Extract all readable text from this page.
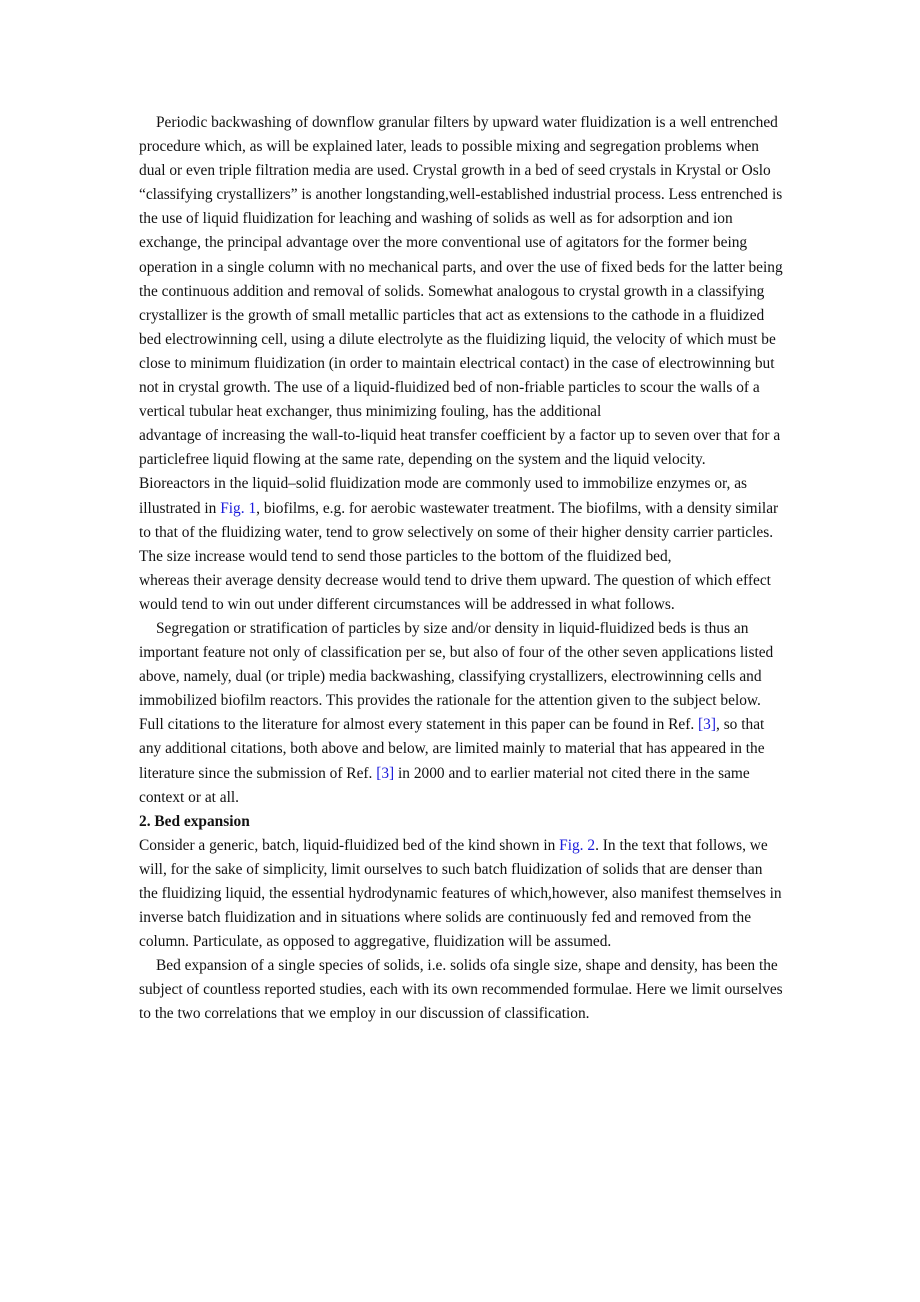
Periodic backwashing of downflow granular filters by upward water fluidization is a well entrenched procedure which, as will be explained later, leads to possible mixing and segregation problems when dual or even triple filtration media are used. Crystal growth in a bed of seed crystals in Krystal or Oslo “classifying crystallizers” is another longstanding,well-established industrial process. Less entrenched is the use of liquid fluidization for leaching and washing of solids as well as for adsorption and ion

exchange, the principal advantage over the more conventional use of agitators for the former being operation in a single column with no mechanical parts, and over the use of fixed beds for the latter being the continuous addition and removal of solids. Somewhat analogous to crystal growth in a classifying crystallizer is the growth of small metallic particles that act as extensions to the cathode in a fluidized bed electrowinning cell, using a dilute electrolyte as the fluidizing liquid, the velocity of which must be close to minimum fluidization (in order to maintain electrical contact) in the case of electrowinning but not in crystal growth. The use of a liquid-fluidized bed of non-friable particles to scour the walls of a vertical tubular heat exchanger, thus minimizing fouling, has the additional

advantage of increasing the wall-to-liquid heat transfer coefficient by a factor up to seven over that for a particlefree liquid flowing at the same rate, depending on the system and the liquid velocity.

Bioreactors in the liquid–solid fluidization mode are commonly used to immobilize enzymes or, as illustrated in Fig. 1, biofilms, e.g. for aerobic wastewater treatment. The biofilms, with a density similar to that of the fluidizing water, tend to grow selectively on some of their higher density carrier particles. The size increase would tend to send those particles to the bottom of the fluidized bed,

whereas their average density decrease would tend to drive them upward. The question of which effect would tend to win out under different circumstances will be addressed in what follows.

Segregation or stratification of particles by size and/or density in liquid-fluidized beds is thus an important feature not only of classification per se, but also of four of the other seven applications listed above, namely, dual (or triple) media backwashing, classifying crystallizers, electrowinning cells and immobilized biofilm reactors. This provides the rationale for the attention given to the subject below.

Full citations to the literature for almost every statement in this paper can be found in Ref. [3], so that any additional citations, both above and below, are limited mainly to material that has appeared in the literature since the submission of Ref. [3] in 2000 and to earlier material not cited there in the same context or at all.

2. Bed expansion

Consider a generic, batch, liquid-fluidized bed of the kind shown in Fig. 2. In the text that follows, we will, for the sake of simplicity, limit ourselves to such batch fluidization of solids that are denser than the fluidizing liquid, the essential hydrodynamic features of which,however, also manifest themselves in inverse batch fluidization and in situations where solids are continuously fed and removed from the column. Particulate, as opposed to aggregative, fluidization will be assumed.

Bed expansion of a single species of solids, i.e. solids ofa single size, shape and density, has been the subject of countless reported studies, each with its own recommended formulae. Here we limit ourselves to the two correlations that we employ in our discussion of classification.
